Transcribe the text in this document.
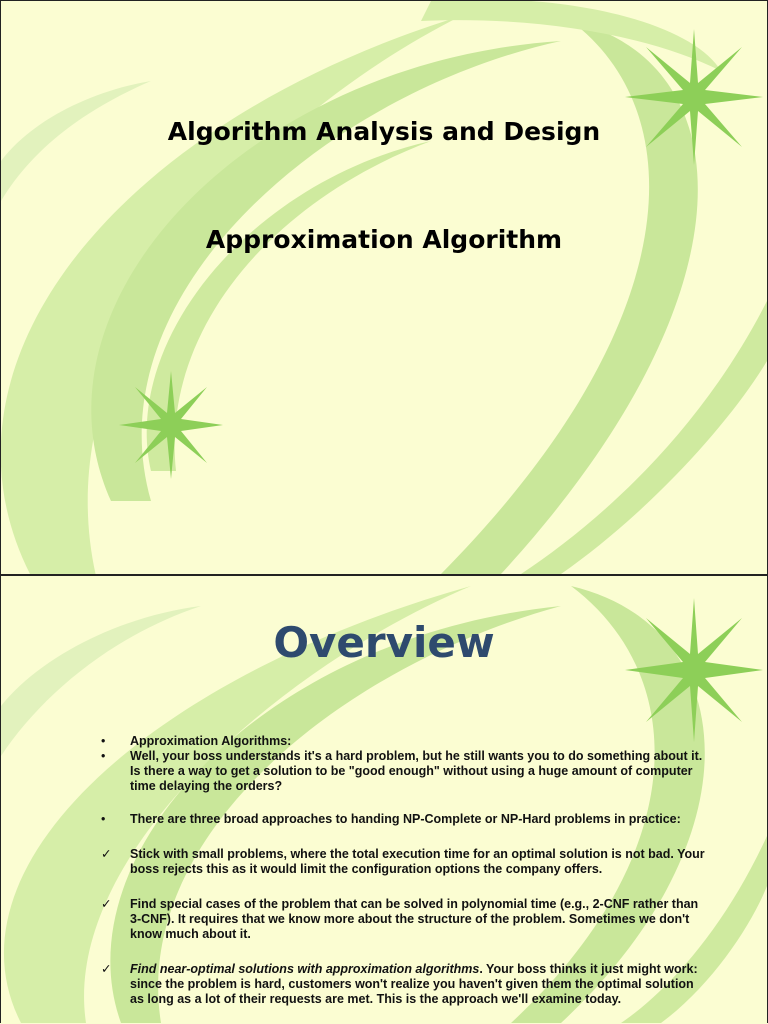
Algorithm Analysis and Design
Approximation Algorithm
Overview
•	Approximation Algorithms:
•	Well, your boss understands it's a hard problem, but he still wants you to do something about it. Is there a way to get a solution to be "good enough" without using a huge amount of computer time delaying the orders?
•	There are three broad approaches to handing NP-Complete or NP-Hard problems in practice:
✓ Stick with small problems, where the total execution time for an optimal solution is not bad. Your boss rejects this as it would limit the configuration options the company offers.
✓ Find special cases of the problem that can be solved in polynomial time (e.g., 2-CNF rather than 3-CNF). It requires that we know more about the structure of the problem. Sometimes we don't know much about it.
✓ Find near-optimal solutions with approximation algorithms. Your boss thinks it just might work: since the problem is hard, customers won't realize you haven't given them the optimal solution as long as a lot of their requests are met. This is the approach we'll examine today.
